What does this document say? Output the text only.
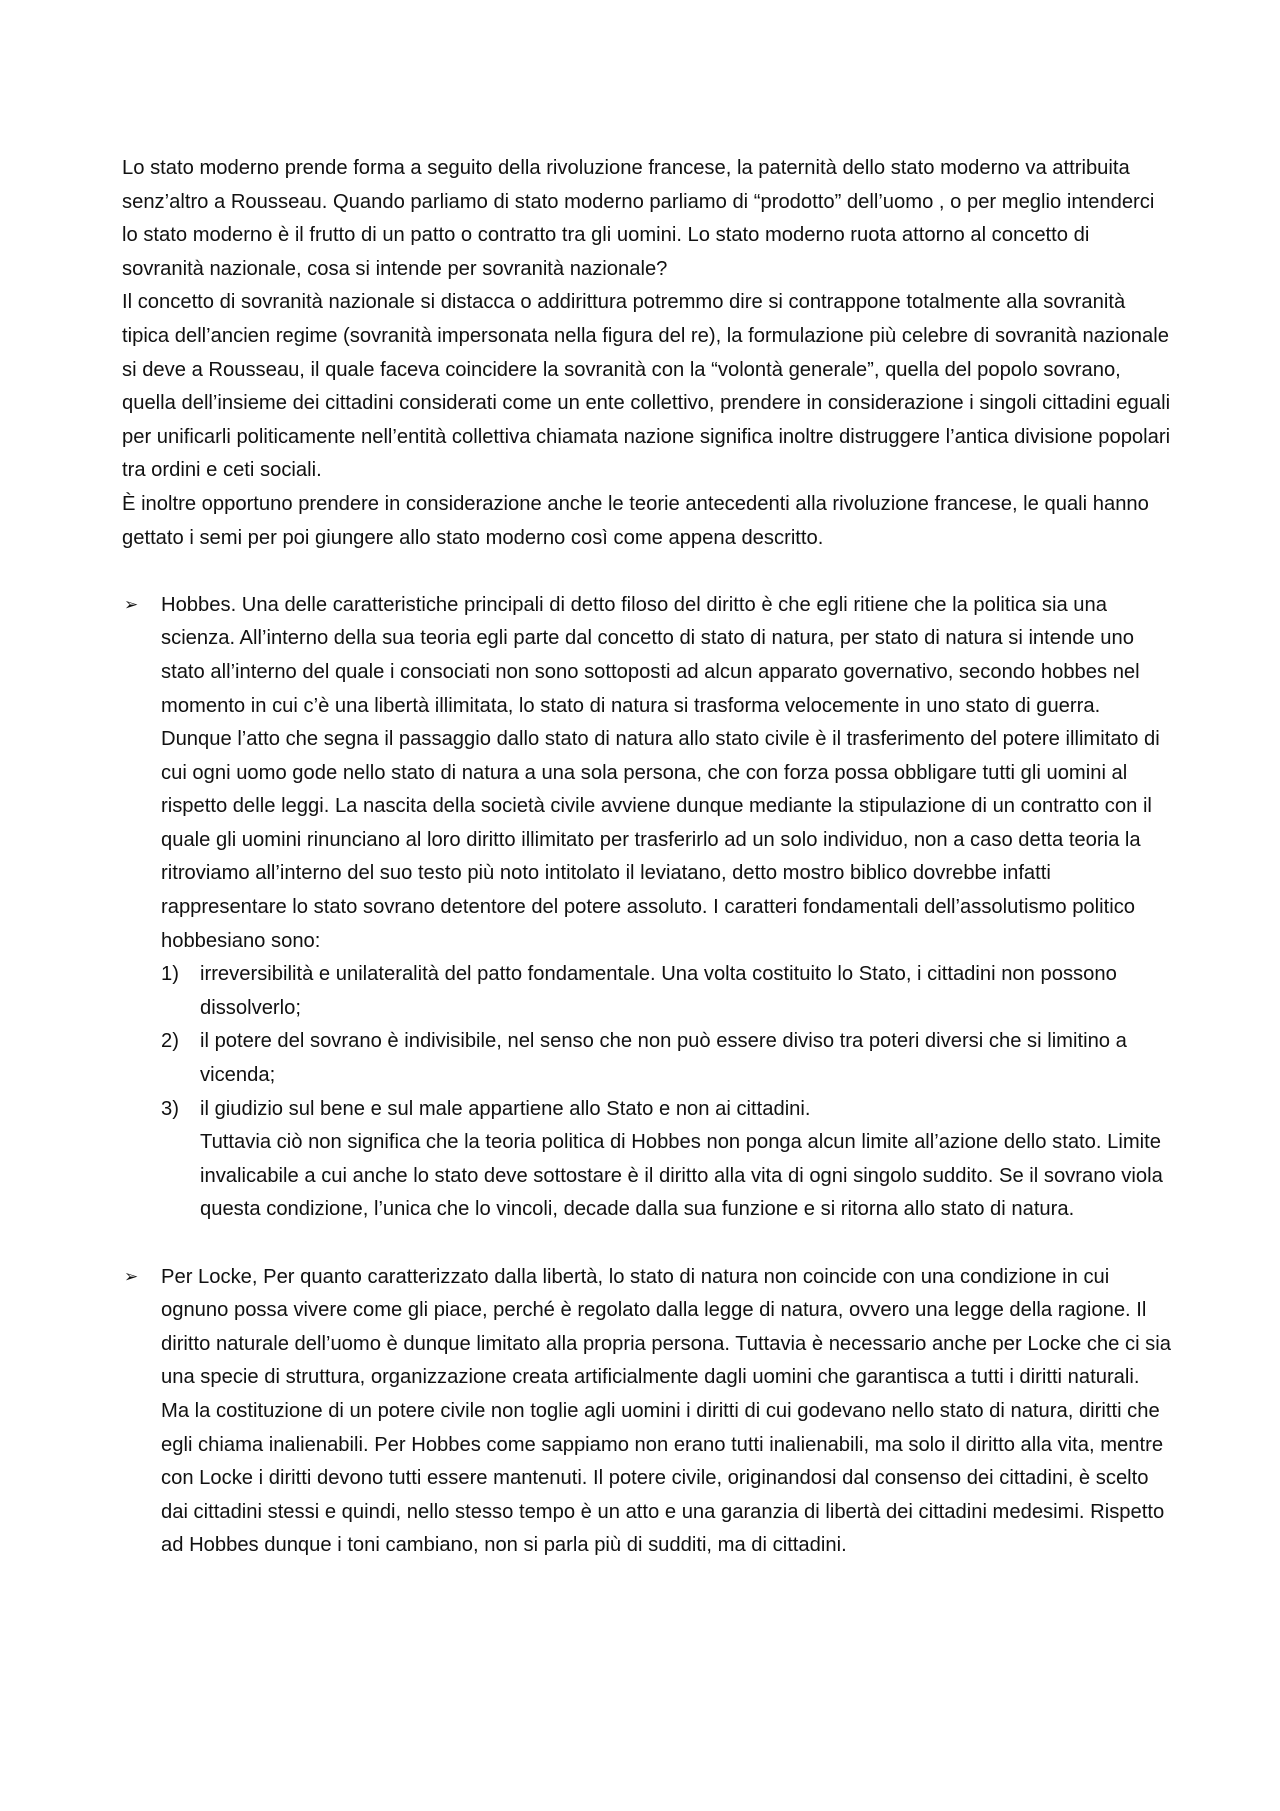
Lo stato moderno prende forma a seguito della rivoluzione francese, la paternità dello stato moderno va attribuita senz’altro a Rousseau. Quando parliamo di stato moderno parliamo di “prodotto” dell’uomo , o per meglio intenderci lo stato moderno è il frutto di un patto o contratto tra gli uomini. Lo stato moderno ruota attorno al concetto di sovranità nazionale, cosa si intende per sovranità nazionale?

Il concetto di sovranità nazionale si distacca o addirittura potremmo dire si contrappone totalmente alla sovranità tipica dell’ancien regime (sovranità impersonata nella figura del re), la formulazione più celebre di sovranità nazionale si deve a Rousseau, il quale faceva coincidere la sovranità con la “volontà generale”, quella del popolo sovrano, quella dell’insieme dei cittadini considerati come un ente collettivo, prendere in considerazione i singoli cittadini eguali per unificarli politicamente nell’entità collettiva chiamata nazione significa inoltre distruggere l’antica divisione popolari tra ordini e ceti sociali.

È inoltre opportuno prendere in considerazione anche le teorie antecedenti alla rivoluzione francese, le quali hanno gettato i semi per poi giungere allo stato moderno così come appena descritto.

➢ Hobbes. Una delle caratteristiche principali di detto filoso del diritto è che egli ritiene che la politica sia una scienza. All’interno della sua teoria egli parte dal concetto di stato di natura, per stato di natura si intende uno stato all’interno del quale i consociati non sono sottoposti ad alcun apparato governativo, secondo hobbes nel momento in cui c’è una libertà illimitata, lo stato di natura si trasforma velocemente in uno stato di guerra. Dunque l’atto che segna il passaggio dallo stato di natura allo stato civile è il trasferimento del potere illimitato di cui ogni uomo gode nello stato di natura a una sola persona, che con forza possa obbligare tutti gli uomini al rispetto delle leggi. La nascita della società civile avviene dunque mediante la stipulazione di un contratto con il quale gli uomini rinunciano al loro diritto illimitato per trasferirlo ad un solo individuo, non a caso detta teoria la ritroviamo all’interno del suo testo più noto intitolato il leviatano, detto mostro biblico dovrebbe infatti rappresentare lo stato sovrano detentore del potere assoluto. I caratteri fondamentali dell’assolutismo politico hobbesiano sono:

1) irreversibilità e unilateralità del patto fondamentale. Una volta costituito lo Stato, i cittadini non possono dissolverlo;
2) il potere del sovrano è indivisibile, nel senso che non può essere diviso tra poteri diversi che si limitino a vicenda;
3) il giudizio sul bene e sul male appartiene allo Stato e non ai cittadini.

Tuttavia ciò non significa che la teoria politica di Hobbes non ponga alcun limite all’azione dello stato. Limite invalicabile a cui anche lo stato deve sottostare è il diritto alla vita di ogni singolo suddito. Se il sovrano viola questa condizione, l’unica che lo vincoli, decade dalla sua funzione e si ritorna allo stato di natura.

➢ Per Locke, Per quanto caratterizzato dalla libertà, lo stato di natura non coincide con una condizione in cui ognuno possa vivere come gli piace, perché è regolato dalla legge di natura, ovvero una legge della ragione. Il diritto naturale dell’uomo è dunque limitato alla propria persona. Tuttavia è necessario anche per Locke che ci sia una specie di struttura, organizzazione creata artificialmente dagli uomini che garantisca a tutti i diritti naturali. Ma la costituzione di un potere civile non toglie agli uomini i diritti di cui godevano nello stato di natura, diritti che egli chiama inalienabili. Per Hobbes come sappiamo non erano tutti inalienabili, ma solo il diritto alla vita, mentre con Locke i diritti devono tutti essere mantenuti. Il potere civile, originandosi dal consenso dei cittadini, è scelto dai cittadini stessi e quindi, nello stesso tempo è un atto e una garanzia di libertà dei cittadini medesimi. Rispetto ad Hobbes dunque i toni cambiano, non si parla più di sudditi, ma di cittadini.
